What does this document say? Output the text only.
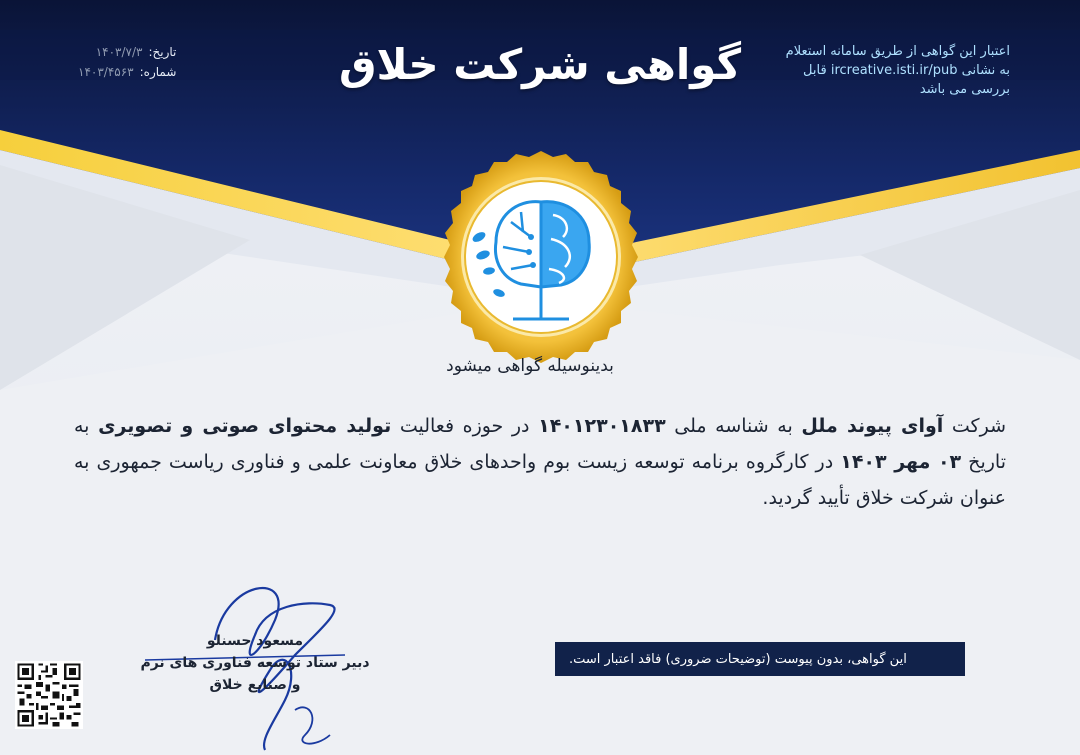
گواهی شرکت خلاق	اعتبار این گواهی از طریق سامانه استعلام به نشانی ircreative.isti.ir/pub قابل بررسی می باشد
تاریخ:
۱۴۰۳/۷/۳
شماره:
۱۴۰۳/۴۵۶۳
بدینوسیله گواهی میشود
شرکت آوای پیوند ملل به شناسه ملی ۱۴۰۱۲۳۰۱۸۳۳ در حوزه فعالیت تولید محتوای صوتی و تصویری به تاریخ ۰۳ مهر ۱۴۰۳ در کارگروه برنامه توسعه زیست بوم واحدهای خلاق معاونت علمی و فناوری ریاست جمهوری به عنوان شرکت خلاق تأیید گردید.
مسعود حسنلو
دبیر ستاد توسعه فناوری های نرم
و صنایع خلاق
این گواهی، بدون پیوست (توضیحات ضروری) فاقد اعتبار است.
